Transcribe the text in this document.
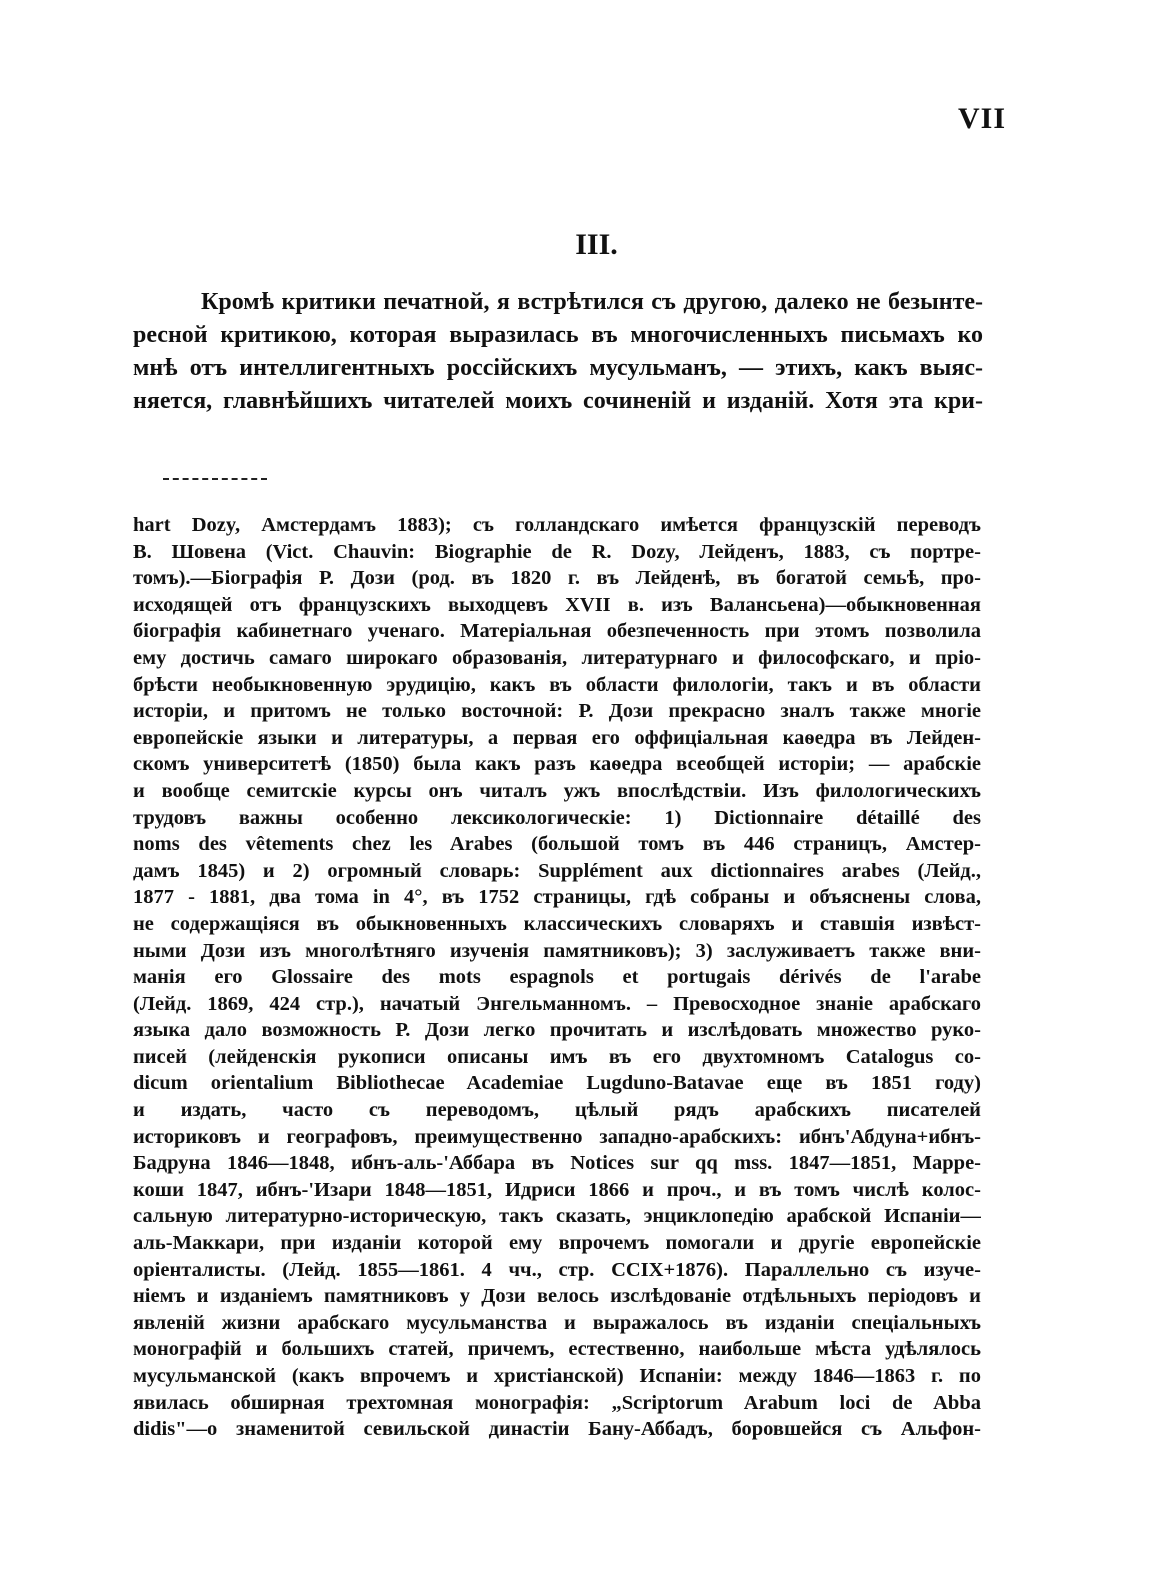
VII
III.
Кромѣ критики печатной, я встрѣтился съ другою, далеко не безынте-
ресной критикою, которая выразилась въ многочисленныхъ письмахъ ко
мнѣ отъ интеллигентныхъ россійскихъ мусульманъ, — этихъ, какъ выяс-
няется, главнѣйшихъ читателей моихъ сочиненій и изданій. Хотя эта кри-
hart Dozy, Амстердамъ 1883); съ голландскаго имѣется французскій переводъ
В. Шовена (Vict. Chauvin: Biographie de R. Dozy, Лейденъ, 1883, съ портре-
томъ).—Біографія Р. Дози (род. въ 1820 г. въ Лейденѣ, въ богатой семьѣ, про-
исходящей отъ французскихъ выходцевъ XVII в. изъ Валансьена)—обыкновенная
біографія кабинетнаго ученаго. Матеріальная обезпеченность при этомъ позволила
ему достичь самаго широкаго образованія, литературнаго и философскаго, и пріо-
брѣсти необыкновенную эрудицію, какъ въ области филологіи, такъ и въ области
исторіи, и притомъ не только восточной: Р. Дози прекрасно зналъ также многіе
европейскіе языки и литературы, а первая его оффиціальная каѳедра въ Лейден-
скомъ университетѣ (1850) была какъ разъ каѳедра всеобщей исторіи; — арабскіе
и вообще семитскіе курсы онъ читалъ ужъ впослѣдствіи. Изъ филологическихъ
трудовъ важны особенно лексикологическіе: 1) Dictionnaire détaillé des
noms des vêtements chez les Arabes (большой томъ въ 446 страницъ, Амстер-
дамъ 1845) и 2) огромный словарь: Supplément aux dictionnaires arabes (Лейд.,
1877 - 1881, два тома in 4°, въ 1752 страницы, гдѣ собраны и объяснены слова,
не содержащіяся въ обыкновенныхъ классическихъ словаряхъ и ставшія извѣст-
ными Дози изъ многолѣтняго изученія памятниковъ); 3) заслуживаетъ также вни-
манія его Glossaire des mots espagnols et portugais dérivés de l'arabe
(Лейд. 1869, 424 стр.), начатый Энгельманномъ. – Превосходное знаніе арабскаго
языка дало возможность Р. Дози легко прочитать и изслѣдовать множество руко-
писей (лейденскія рукописи описаны имъ въ его двухтомномъ Catalogus co-
dicum orientalium Bibliothecae Academiae Lugduno-Batavae еще въ 1851 году)
и издать, часто съ переводомъ, цѣлый рядъ арабскихъ писателей
историковъ и географовъ, преимущественно западно-арабскихъ: ибнъ'Абдуна+ибнъ-
Бадруна 1846—1848, ибнъ-аль-'Аббара въ Notices sur qq mss. 1847—1851, Марре-
коши 1847, ибнъ-'Изари 1848—1851, Идриси 1866 и проч., и въ томъ числѣ колос-
сальную литературно-историческую, такъ сказать, энциклопедію арабской Испаніи—
аль-Маккари, при изданіи которой ему впрочемъ помогали и другіе европейскіе
оріенталисты. (Лейд. 1855—1861. 4 чч., стр. CCIX+1876). Параллельно съ изуче-
ніемъ и изданіемъ памятниковъ у Дози велось изслѣдованіе отдѣльныхъ періодовъ и
явленій жизни арабскаго мусульманства и выражалось въ изданіи спеціальныхъ
монографій и большихъ статей, причемъ, естественно, наибольше мѣста удѣлялось
мусульманской (какъ впрочемъ и христіанской) Испаніи: между 1846—1863 г. по
явилась обширная трехтомная монографія: „Scriptorum Arabum loci de Abba
didis"—о знаменитой севильской династіи Бану-Аббадъ, боровшейся съ Альфон-
